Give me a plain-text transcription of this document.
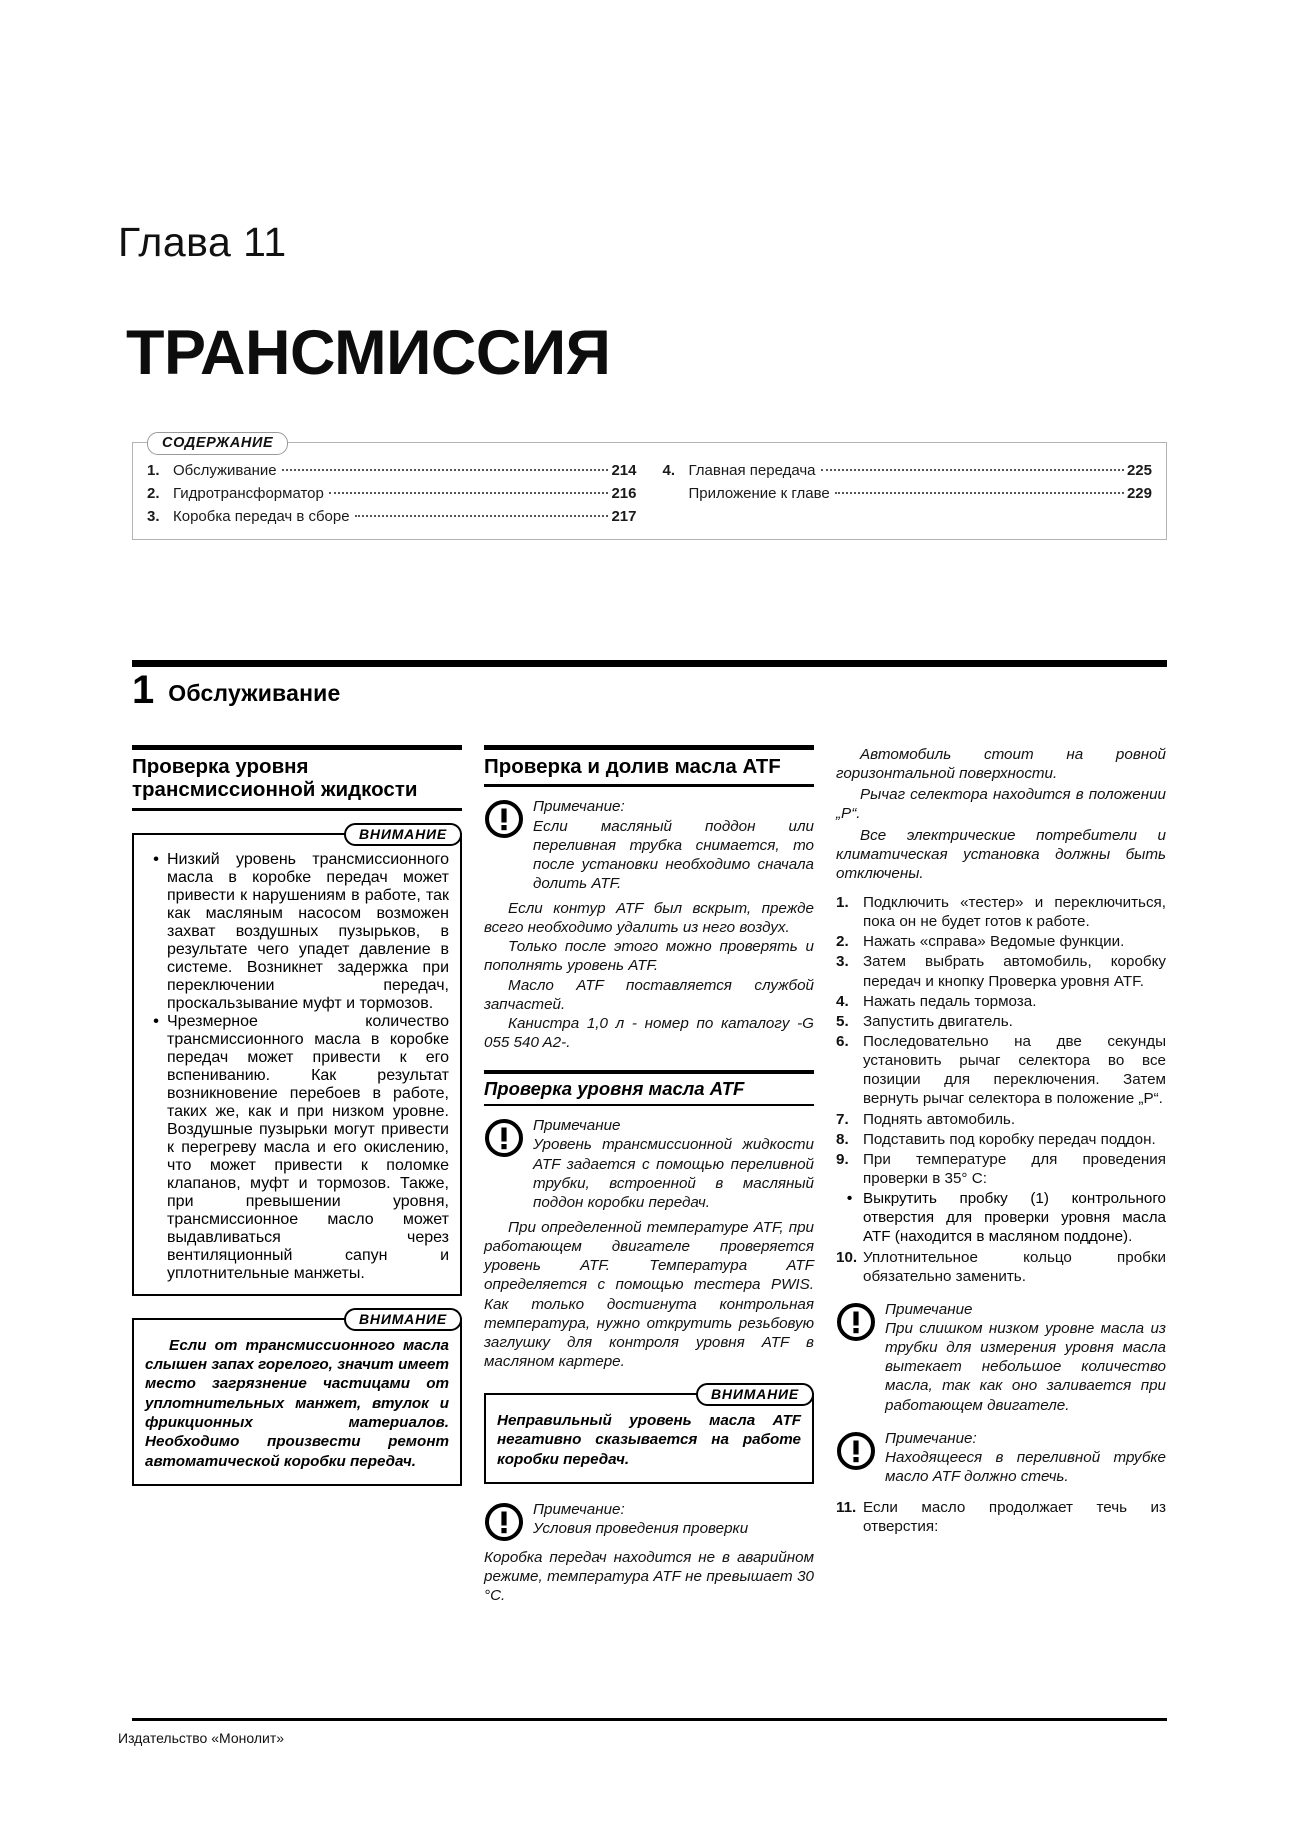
Глава 11
ТРАНСМИССИЯ
СОДЕРЖАНИЕ
1. Обслуживание	214
2. Гидротрансформатор	216
3. Коробка передач в сборе	217
4. Главная передача	225
Приложение к главе	229
1 Обслуживание
Проверка уровня трансмиссионной жидкости
ВНИМАНИЕ
• Низкий уровень трансмиссионного масла в коробке передач может привести к нарушениям в работе, так как масляным насосом возможен захват воздушных пузырьков, в результате чего упадет давление в системе. Возникнет задержка при переключении передач, проскальзывание муфт и тормозов.
• Чрезмерное количество трансмиссионного масла в коробке передач может привести к его вспениванию. Как результат возникновение перебоев в работе, таких же, как и при низком уровне. Воздушные пузырьки могут привести к перегреву масла и его окислению, что может привести к поломке клапанов, муфт и тормозов. Также, при превышении уровня, трансмиссионное масло может выдавливаться через вентиляционный сапун и уплотнительные манжеты.
ВНИМАНИЕ

Если от трансмиссионного масла слышен запах горелого, значит имеет место загрязнение частицами от уплотнительных манжет, втулок и фрикционных материалов. Необходимо произвести ремонт автоматической коробки передач.

Проверка и долив масла ATF

Примечание:

Если масляный поддон или переливная трубка снимается, то после установки необходимо сначала долить ATF.

Если контур ATF был вскрыт, прежде всего необходимо удалить из него воздух.

Только после этого можно проверять и пополнять уровень ATF.

Масло ATF поставляется службой запчастей.

Канистра 1,0 л - номер по каталогу -G 055 540 A2-.

Проверка уровня масла ATF

Примечание

Уровень трансмиссионной жидкости ATF задается с помощью переливной трубки, встроенной в масляный поддон коробки передач.

При определенной температуре ATF, при работающем двигателе проверяется уровень ATF. Температура ATF определяется с помощью тестера PWIS. Как только достигнута контрольная температура, нужно открутить резьбовую заглушку для контроля уровня ATF в масляном картере.

ВНИМАНИЕ

Неправильный уровень масла ATF негативно сказывается на работе коробки передач.

Примечание:

Условия проведения проверки

Коробка передач находится не в аварийном режиме, температура ATF не превышает 30 °C.

Автомобиль стоит на ровной горизонтальной поверхности.

Рычаг селектора находится в положении „Р“.

Все электрические потребители и климатическая установка должны быть отключены.

1. Подключить «тестер» и переключиться, пока он не будет готов к работе.
2. Нажать «справа» Ведомые функции.
3. Затем выбрать автомобиль, коробку передач и кнопку Проверка уровня ATF.
4. Нажать педаль тормоза.
5. Запустить двигатель.
6. Последовательно на две секунды установить рычаг селектора во все позиции для переключения. Затем вернуть рычаг селектора в положение „Р“.
7. Поднять автомобиль.
8. Подставить под коробку передач поддон.
9. При температуре для проведения проверки в 35° С:
• Выкрутить пробку (1) контрольного отверстия для проверки уровня масла ATF (находится в масляном поддоне).
10. Уплотнительное кольцо пробки обязательно заменить.

Примечание

При слишком низком уровне масла из трубки для измерения уровня масла вытекает небольшое количество масла, так как оно заливается при работающем двигателе.

Примечание:

Находящееся в переливной трубке масло ATF должно стечь.

11. Если масло продолжает течь из отверстия:
Издательство «Монолит»
